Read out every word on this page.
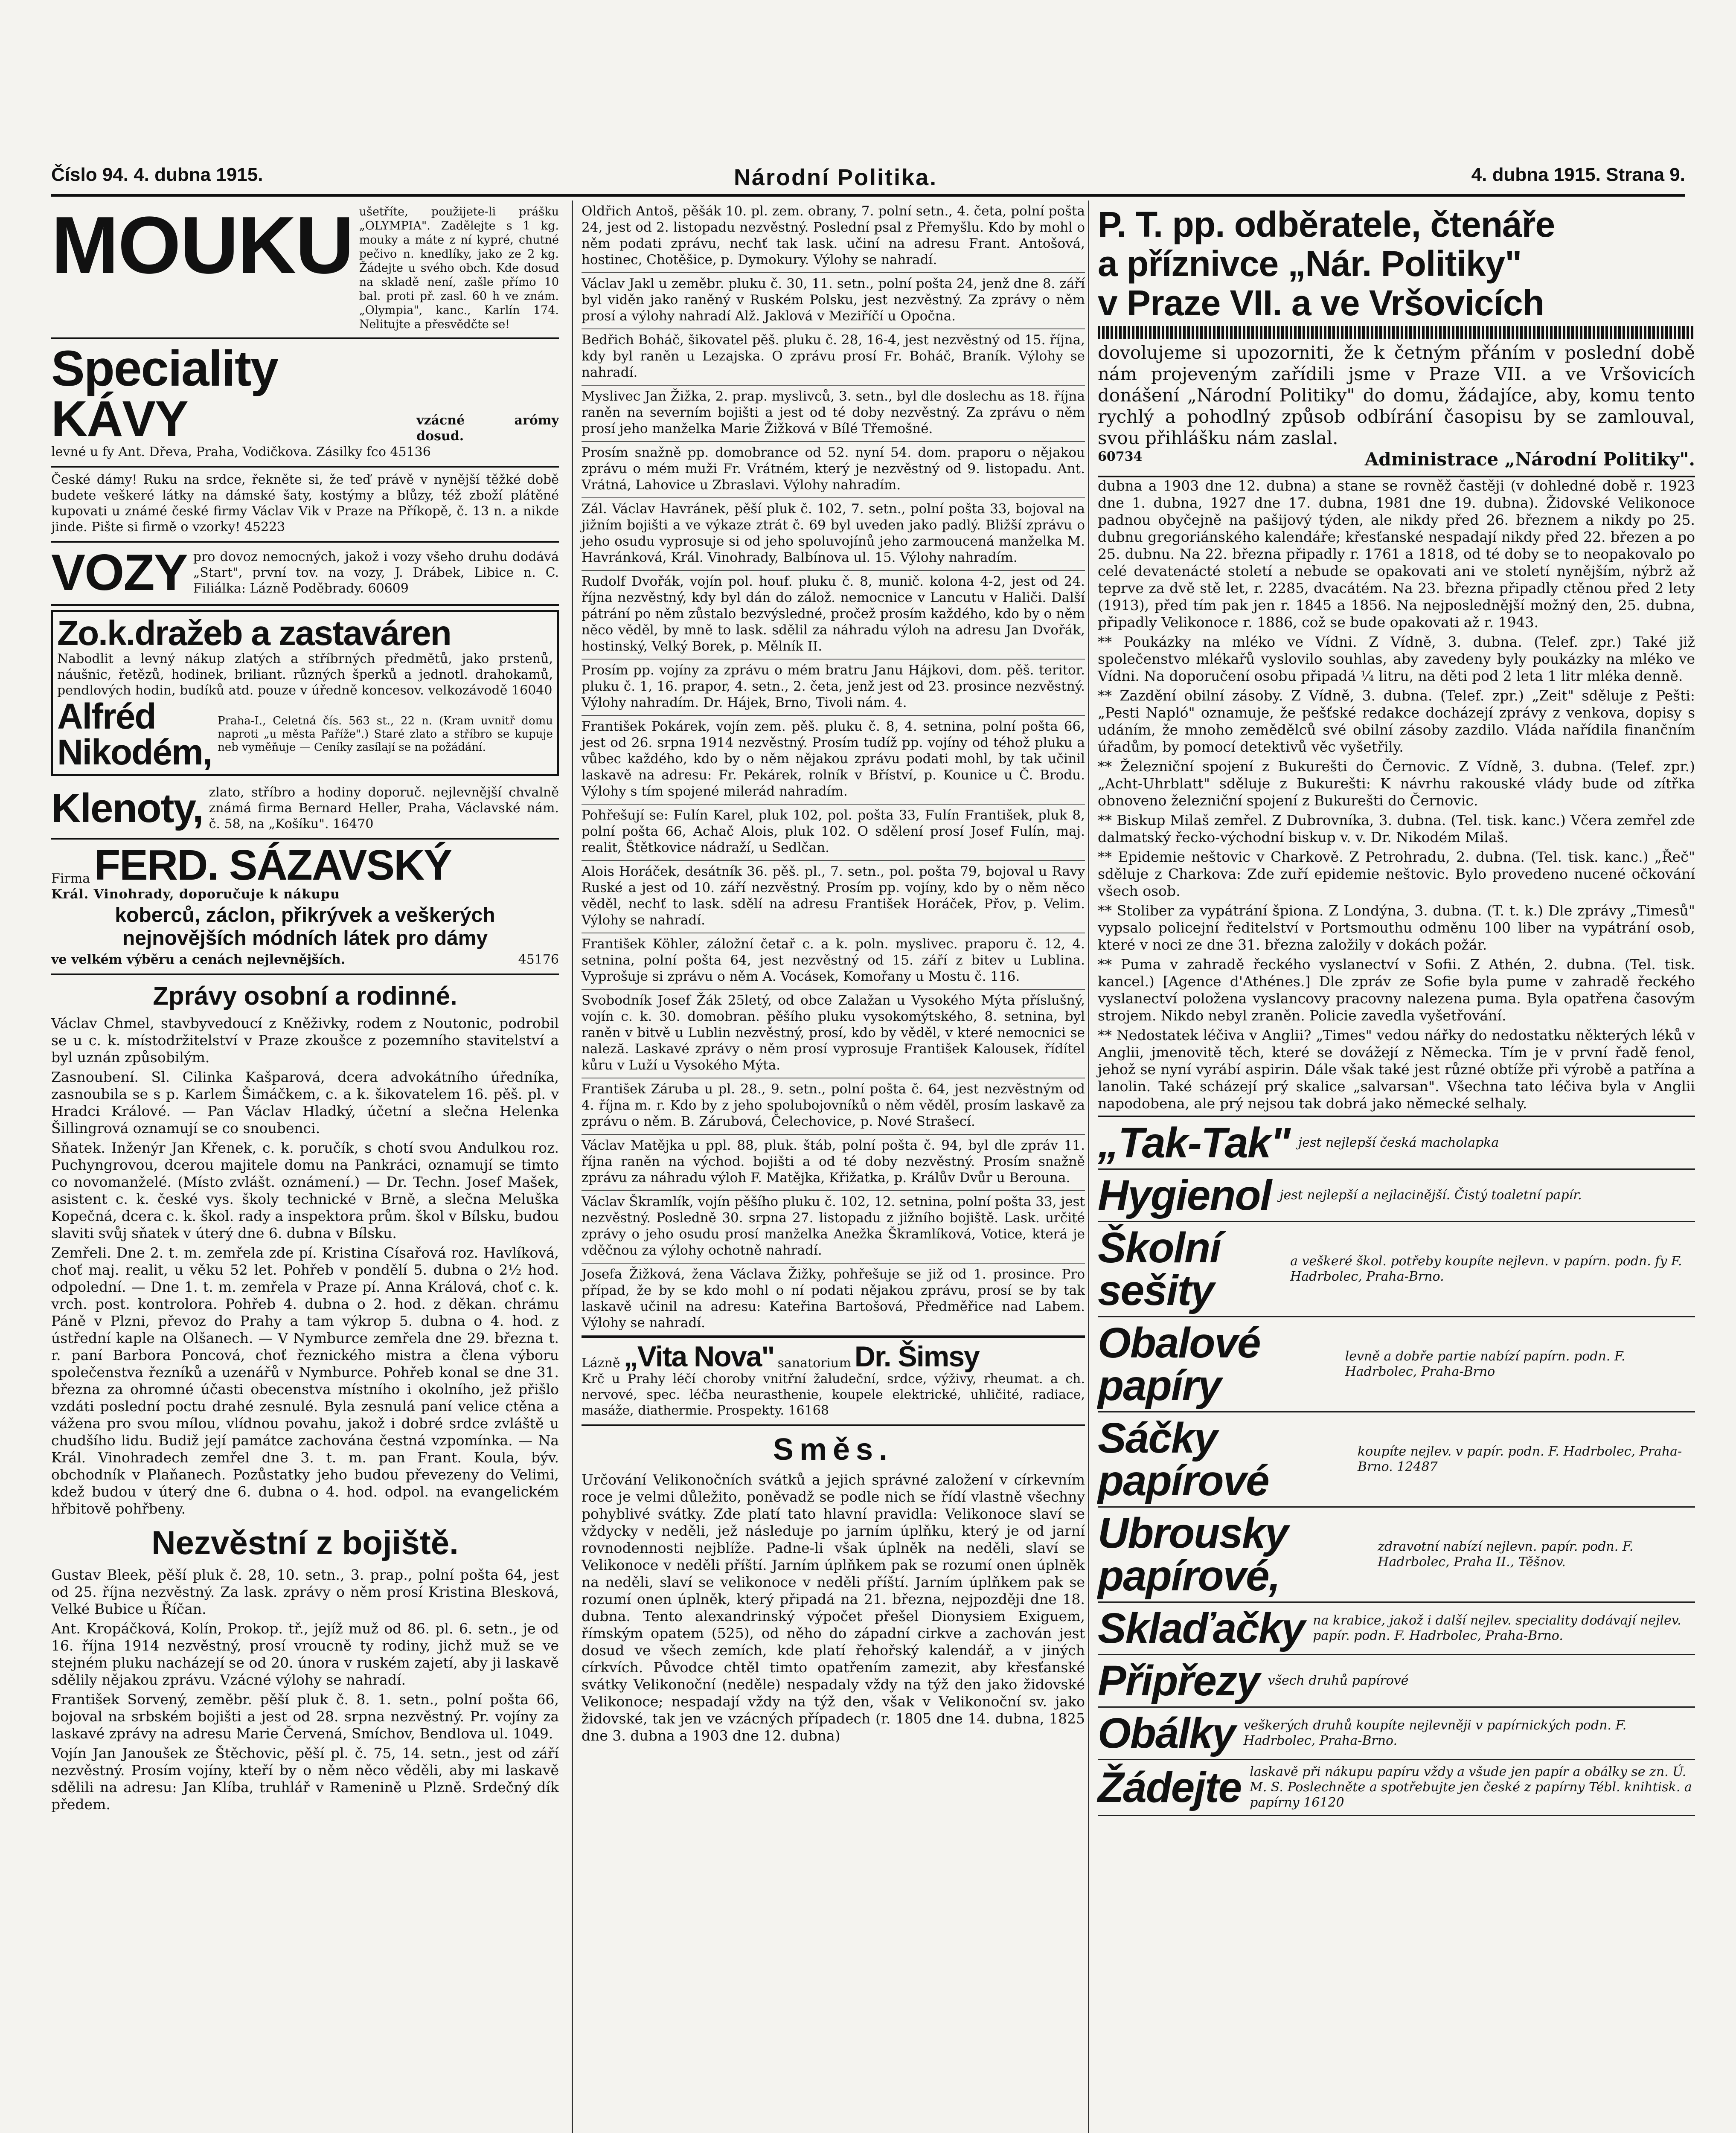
Číslo 94. 4. dubna 1915.	Národní Politika.	4. dubna 1915. Strana 9.
MOUKU ušetříte, použijete-li prášku „OLYMPIA". Zadělejte s 1 kg. mouky a máte z ní kypré, chutné pečivo n. knedlíky, jako ze 2 kg. Žádejte u svého obch. Kde dosud na skladě není, zašle přímo 10 bal. proti př. zasl. 60 h ve znám. „Olympia", kanc., Karlín 174. Nelitujte a přesvědčte se!
Speciality KÁVY	vzácné arómy dosud.
levné u fy Ant. Dřeva, Praha, Vodičkova. Zásilky fco 45136
České dámy! Ruku na srdce, řekněte si, že teď právě v nynější těžké době budete veškeré látky na dámské šaty, kostýmy a blůzy, též zboží plátěné kupovati u známé české firmy Václav Vik v Praze na Příkopě, č. 13 n. a nikde jinde. Pište si firmě o vzorky! 45223
VOZY pro dovoz nemocných, jakož i vozy všeho druhu dodává „Start", první tov. na vozy, J. Drábek, Libice n. C. Filiálka: Lázně Poděbrady. 60609
Zo.k.dražeb a zastaváren
Nabodlit a levný nákup zlatých a stříbrných předmětů, jako prstenů, náušnic, řetězů, hodinek, briliant. různých šperků a jednotl. drahokamů, pendlových hodin, budíků atd. pouze v úředně koncesov. velkozávodě 16040
Alfréd Nikodém,
Praha-I., Celetná čís. 563 st., 22 n. (Kram uvnitř domu naproti „u města Paříže".) Staré zlato a stříbro se kupuje neb vyměňuje — Ceníky zasílají se na požádání.
Klenoty, zlato, stříbro a hodiny doporuč. nejlevnější chvalně známá firma Bernard Heller, Praha, Václavské nám. č. 58, na „Košíku". 16470
Firma FERD. SÁZAVSKÝ
Král. Vinohrady, doporučuje k nákupu
koberců, záclon, přikrývek a veškerých nejnovějších módních látek pro dámy
ve velkém výběru a cenách nejlevnějších.	45176
Zprávy osobní a rodinné.

Václav Chmel, stavbyvedoucí z Kněživky, rodem z Noutonic, podrobil se u c. k. místodržitelství v Praze zkoušce z pozemního stavitelství a byl uznán způsobilým.

Zasnoubení. Sl. Cilinka Kašparová, dcera advokátního úředníka, zasnoubila se s p. Karlem Šimáčkem, c. a k. šikovatelem 16. pěš. pl. v Hradci Králové. — Pan Václav Hladký, účetní a slečna Helenka Šillingrová oznamují se co snoubenci.

Sňatek. Inženýr Jan Křenek, c. k. poručík, s chotí svou Andulkou roz. Puchyngrovou, dcerou majitele domu na Pankráci, oznamují se timto co novomanželé. (Místo zvlášt. oznámení.) — Dr. Techn. Josef Mašek, asistent c. k. české vys. školy technické v Brně, a slečna Meluška Kopečná, dcera c. k. škol. rady a inspektora prům. škol v Bílsku, budou slaviti svůj sňatek v úterý dne 6. dubna v Bílsku.

Zemřeli. Dne 2. t. m. zemřela zde pí. Kristina Císařová roz. Havlíková, choť maj. realit, u věku 52 let. Pohřeb v pondělí 5. dubna o 2½ hod. odpolední. — Dne 1. t. m. zemřela v Praze pí. Anna Králová, choť c. k. vrch. post. kontrolora. Pohřeb 4. dubna o 2. hod. z děkan. chrámu Páně v Plzni, převoz do Prahy a tam výkrop 5. dubna o 4. hod. z ústřední kaple na Olšanech. — V Nymburce zemřela dne 29. března t. r. paní Barbora Poncová, choť řeznického mistra a člena výboru společenstva řezníků a uzenářů v Nymburce. Pohřeb konal se dne 31. března za ohromné účasti obecenstva místního i okolního, jež přišlo vzdáti poslední poctu drahé zesnulé. Byla zesnulá paní velice ctěna a vážena pro svou mílou, vlídnou povahu, jakož i dobré srdce zvláště u chudšího lidu. Budiž její památce zachována čestná vzpomínka. — Na Král. Vinohradech zemřel dne 3. t. m. pan Frant. Koula, býv. obchodník v Plaňanech. Pozůstatky jeho budou převezeny do Velimi, kdež budou v úterý dne 6. dubna o 4. hod. odpol. na evangelickém hřbitově pohřbeny.

Nezvěstní z bojiště.

Gustav Bleek, pěší pluk č. 28, 10. setn., 3. prap., polní pošta 64, jest od 25. října nezvěstný. Za lask. zprávy o něm prosí Kristina Blesková, Velké Bubice u Říčan.

Ant. Kropáčková, Kolín, Prokop. tř., jejíž muž od 86. pl. 6. setn., je od 16. října 1914 nezvěstný, prosí vroucně ty rodiny, jichž muž se ve stejném pluku nacházejí se od 20. února v ruském zajetí, aby ji laskavě sdělily nějakou zprávu. Vzácné výlohy se nahradí.

František Sorvený, zeměbr. pěší pluk č. 8. 1. setn., polní pošta 66, bojoval na srbském bojišti a jest od 28. srpna nezvěstný. Pr. vojíny za laskavé zprávy na adresu Marie Červená, Smíchov, Bendlova ul. 1049.

Vojín Jan Janoušek ze Štěchovic, pěší pl. č. 75, 14. setn., jest od září nezvěstný. Prosím vojíny, kteří by o něm něco věděli, aby mi laskavě sdělili na adresu: Jan Klíba, truhlář v Ramenině u Plzně. Srdečný dík předem.

Oldřich Antoš, pěšák 10. pl. zem. obrany, 7. polní setn., 4. četa, polní pošta 24, jest od 2. listopadu nezvěstný. Poslední psal z Přemyšlu. Kdo by mohl o něm podati zprávu, nechť tak lask. učiní na adresu Frant. Antošová, hostinec, Chotěšice, p. Dymokury. Výlohy se nahradí.

Václav Jakl u zeměbr. pluku č. 30, 11. setn., polní pošta 24, jenž dne 8. září byl viděn jako raněný v Ruském Polsku, jest nezvěstný. Za zprávy o něm prosí a výlohy nahradí Alž. Jaklová v Meziříčí u Opočna.

Bedřich Boháč, šikovatel pěš. pluku č. 28, 16-4, jest nezvěstný od 15. října, kdy byl raněn u Lezajska. O zprávu prosí Fr. Boháč, Braník. Výlohy se nahradí.

Myslivec Jan Žižka, 2. prap. myslivců, 3. setn., byl dle doslechu as 18. října raněn na severním bojišti a jest od té doby nezvěstný. Za zprávu o něm prosí jeho manželka Marie Žižková v Bílé Třemošné.

Prosím snažně pp. domobrance od 52. nyní 54. dom. praporu o nějakou zprávu o mém muži Fr. Vrátném, který je nezvěstný od 9. listopadu. Ant. Vrátná, Lahovice u Zbraslavi. Výlohy nahradím.

Zál. Václav Havránek, pěší pluk č. 102, 7. setn., polní pošta 33, bojoval na jižním bojišti a ve výkaze ztrát č. 69 byl uveden jako padlý. Bližší zprávu o jeho osudu vyprosuje si od jeho spoluvojínů jeho zarmoucená manželka M. Havránková, Král. Vinohrady, Balbínova ul. 15. Výlohy nahradím.

Rudolf Dvořák, vojín pol. houf. pluku č. 8, munič. kolona 4-2, jest od 24. října nezvěstný, kdy byl dán do zálož. nemocnice v Lancutu v Haliči. Další pátrání po něm zůstalo bezvýsledné, pročež prosím každého, kdo by o něm něco věděl, by mně to lask. sdělil za náhradu výloh na adresu Jan Dvořák, hostinský, Velký Borek, p. Mělník II.

Prosím pp. vojíny za zprávu o mém bratru Janu Hájkovi, dom. pěš. teritor. pluku č. 1, 16. prapor, 4. setn., 2. četa, jenž jest od 23. prosince nezvěstný. Výlohy nahradím. Dr. Hájek, Brno, Tivoli nám. 4.

František Pokárek, vojín zem. pěš. pluku č. 8, 4. setnina, polní pošta 66, jest od 26. srpna 1914 nezvěstný. Prosím tudíž pp. vojíny od téhož pluku a vůbec každého, kdo by o něm nějakou zprávu podati mohl, by tak učinil laskavě na adresu: Fr. Pekárek, rolník v Bříství, p. Kounice u Č. Brodu. Výlohy s tím spojené milerád nahradím.

Pohřešují se: Fulín Karel, pluk 102, pol. pošta 33, Fulín František, pluk 8, polní pošta 66, Achač Alois, pluk 102. O sdělení prosí Josef Fulín, maj. realit, Štětkovice nádraží, u Sedlčan.

Alois Horáček, desátník 36. pěš. pl., 7. setn., pol. pošta 79, bojoval u Ravy Ruské a jest od 10. září nezvěstný. Prosím pp. vojíny, kdo by o něm něco věděl, nechť to lask. sdělí na adresu František Horáček, Přov, p. Velim. Výlohy se nahradí.

František Köhler, záložní četař c. a k. poln. myslivec. praporu č. 12, 4. setnina, polní pošta 64, jest nezvěstný od 15. září z bitev u Lublina. Vyprošuje si zprávu o něm A. Vocásek, Komořany u Mostu č. 116.

Svobodník Josef Žák 25letý, od obce Zalažan u Vysokého Mýta příslušný, vojín c. k. 30. domobran. pěšího pluku vysokomýtského, 8. setnina, byl raněn v bitvě u Lublin nezvěstný, prosí, kdo by věděl, v které nemocnici se naleză. Laskavé zprávy o něm prosí vyprosuje František Kalousek, řídítel kůru v Luží u Vysokého Mýta.

František Záruba u pl. 28., 9. setn., polní pošta č. 64, jest nezvěstným od 4. října m. r. Kdo by z jeho spolubojovníků o něm věděl, prosím laskavě za zprávu o něm. B. Zárubová, Čelechovice, p. Nové Strašecí.

Václav Matějka u ppl. 88, pluk. štáb, polní pošta č. 94, byl dle zpráv 11. října raněn na východ. bojišti a od té doby nezvěstný. Prosím snažně zprávu za náhradu výloh F. Matějka, Křižatka, p. Králův Dvůr u Berouna.

Václav Škramlík, vojín pěšího pluku č. 102, 12. setnina, polní pošta 33, jest nezvěstný. Posledně 30. srpna 27. listopadu z jižního bojiště. Lask. určité zprávy o jeho osudu prosí manželka Anežka Škramlíková, Votice, která je vděčnou za výlohy ochotně nahradí.

Josefa Žižková, žena Václava Žižky, pohřešuje se již od 1. prosince. Pro případ, že by se kdo mohl o ní podati nějakou zprávu, prosí se by tak laskavě učinil na adresu: Kateřina Bartošová, Předměřice nad Labem. Výlohy se nahradí.

Lázně „Vita Nova" sanatorium Dr. Šimsy
Krč u Prahy léčí choroby vnitřní žaludeční, srdce, výživy, rheumat. a ch. nervové, spec. léčba neurasthenie, koupele elektrické, uhličité, radiace, masáže, diathermie. Prospekty. 16168
Směs.
Určování Velikonočních svátků a jejich správné založení v církevním roce je velmi důležito, poněvadž se podle nich se řídí vlastně všechny pohyblivé svátky. Zde platí tato hlavní pravidla: Velikonoce slaví se vždycky v neděli, jež následuje po jarním úplňku, který je od jarní rovnodennosti nejblíže. Padne-li však úplněk na neděli, slaví se Velikonoce v neděli příští. Jarním úplňkem pak se rozumí onen úplněk na neděli, slaví se velikonoce v neděli příští. Jarním úplňkem pak se rozumí onen úplněk, který připadá na 21. března, nejpozději dne 18. dubna. Tento alexandrinský výpočet přešel Dionysiem Exiguem, římským opatem (525), od něho do západní cirkve a zachován jest dosud ve všech zemích, kde platí řehořský kalendář, a v jiných církvích. Původce chtěl timto opatřením zamezit, aby křesťanské svátky Velikonoční (neděle) nespadaly vždy na týž den jako židovské Velikonoce; nespadají vždy na týž den, však v Velikonoční sv. jako židovské, tak jen ve vzácných případech (r. 1805 dne 14. dubna, 1825 dne 3. dubna a 1903 dne 12. dubna)
P. T. pp. odběratele, čtenáře
a příznivce „Nár. Politiky"
v Praze VII. a ve Vršovicích
dovolujeme si upozorniti, že k četným přáním v poslední době nám projeveným zařídili jsme v Praze VII. a ve Vršovicích donášení „Národní Politiky" do domu, žádajíce, aby, komu tento rychlý a pohodlný způsob odbírání časopisu by se zamlouval, svou přihlášku nám zaslal.
60734	Administrace „Národní Politiky".

dubna a 1903 dne 12. dubna) a stane se rovněž častěji (v dohledné době r. 1923 dne 1. dubna, 1927 dne 17. dubna, 1981 dne 19. dubna). Židovské Velikonoce padnou obyčejně na pašijový týden, ale nikdy před 26. březnem a nikdy po 25. dubnu gregoriánského kalendáře; křesťanské nespadají nikdy před 22. březen a po 25. dubnu. Na 22. března připadly r. 1761 a 1818, od té doby se to neopakovalo po celé devatenácté století a nebude se opakovati ani ve století nynějším, nýbrž až teprve za dvě stě let, r. 2285, dvacátém. Na 23. března připadly ctěnou před 2 lety (1913), před tím pak jen r. 1845 a 1856. Na nejposlednější možný den, 25. dubna, připadly Velikonoce r. 1886, což se bude opakovati až r. 1943.

** Poukázky na mléko ve Vídni. Z Vídně, 3. dubna. (Telef. zpr.) Také již společenstvo mlékařů vyslovilo souhlas, aby zavedeny byly poukázky na mléko ve Vídni. Na doporučení osobu připadá ¼ litru, na děti pod 2 leta 1 litr mléka denně.

** Zazdění obilní zásoby. Z Vídně, 3. dubna. (Telef. zpr.) „Zeit" sděluje z Pešti: „Pesti Napló" oznamuje, že pešťské redakce docházejí zprávy z venkova, dopisy s udáním, že mnoho zemědělců své obilní zásoby zazdilo. Vláda nařídila finančním úřadům, by pomocí detektivů věc vyšetřily.

** Železniční spojení z Bukurešti do Černovic. Z Vídně, 3. dubna. (Telef. zpr.) „Acht-Uhrblatt" sděluje z Bukurešti: K návrhu rakouské vlády bude od zítřka obnoveno železniční spojení z Bukurešti do Černovic.

** Biskup Milaš zemřel. Z Dubrovníka, 3. dubna. (Tel. tisk. kanc.) Včera zemřel zde dalmatský řecko-východní biskup v. v. Dr. Nikodém Milaš.

** Epidemie neštovic v Charkově. Z Petrohradu, 2. dubna. (Tel. tisk. kanc.) „Řeč" sděluje z Charkova: Zde zuří epidemie neštovic. Bylo provedeno nucené očkování všech osob.

** Stoliber za vypátrání špiona. Z Londýna, 3. dubna. (T. t. k.) Dle zprávy „Timesů" vypsalo policejní ředitelství v Portsmouthu odměnu 100 liber na vypátrání osob, které v noci ze dne 31. března založily v dokách požár.

** Puma v zahradě řeckého vyslanectví v Sofii. Z Athén, 2. dubna. (Tel. tisk. kancel.) [Agence d'Athénes.] Dle zpráv ze Sofie byla pumе v zahradě řeckého vyslanectví položena vyslancovy pracovny nalezena puma. Byla opatřena časovým strojem. Nikdo nebyl zraněn. Policie zavedla vyšetřování.

** Nedostatek léčiva v Anglii? „Times" vedou nářky do nedostatku některých léků v Anglii, jmenovitě těch, které se dovážejí z Německa. Tím je v první řadě fenol, jehož se nyní vyrábí aspirin. Dále však také jest různé obtíže při výrobě a patřína a lanolin. Také scházejí prý skalice „salvarsan". Všechna tato léčiva byla v Anglii napodobena, ale prý nejsou tak dobrá jako německé selhaly.

„Tak-Tak" jest nejlepší česká macholapka
Hygienol jest nejlepší a nejlacinější. Čistý toaletní papír.
Školní sešity
a veškeré škol. potřeby koupíte nejlevn. v papírn. podn. fy F. Hadrbolec, Praha-Brno.
Obalové papíry
levně a dobře partie nabízí papírn. podn. F. Hadrbolec, Praha-Brno
Sáčky papírové
koupíte nejlev. v papír. podn. F. Hadrbolec, Praha-Brno. 12487
Ubrousky papírové,
zdravotní nabízí nejlevn. papír. podn. F. Hadrbolec, Praha II., Těšnov.
Sklaďačky na krabice, jakož i další nejlev. speciality dodávají nejlev. papír. podn. F. Hadrbolec, Praha-Brno.
Připřezy všech druhů papírové
Obálky veškerých druhů koupíte nejlevněji v papírnických podn. F. Hadrbolec, Praha-Brno.
Žádejte laskavě při nákupu papíru vždy a všude jen papír a obálky se zn. Ú. M. S. Poslechněte a spotřebujte jen české z papírny Tébl. knihtisk. a papírny 16120
